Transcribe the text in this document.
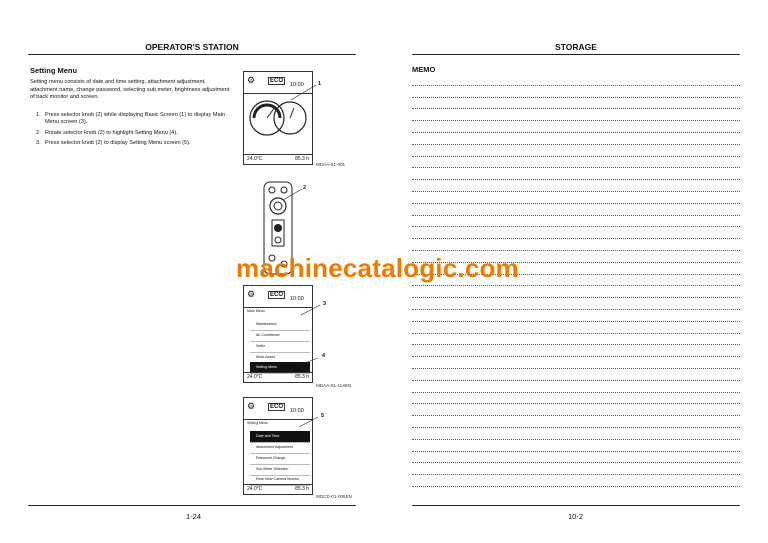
OPERATOR'S STATION
Setting Menu
Setting menu consists of date and time setting, attachment adjustment, attachment name, change password, selecting sub meter, brightness adjustment of back monitor and screen.
1. Press selector knob (2) while displaying Basic Screen (1) to display Main Menu screen (3).
2. Rotate selector knob (2) to highlight Setting Menu (4).
3. Press selector knob (2) to display Setting Menu screen (5).
⚙	ECO
10:00
24.0°C	85.3 h
1
MDAA-01-001
2
⚙	ECO
10:00
Main Menu
Maintenance
Air Conditioner
Settle
Work Assist
Setting Menu
24.0°C	85.3 h
3
4
MDAA-01-114EN
⚙	ECO
10:00
Setting Menu
Date and Time
Attachment Adjustment
Password Change
Sub Meter Selection
Rear View Camera Monitor
24.0°C	85.3 h
5
MDCD-01-008EN
1-24
STORAGE
MEMO
10-2
machinecatalogic.com
